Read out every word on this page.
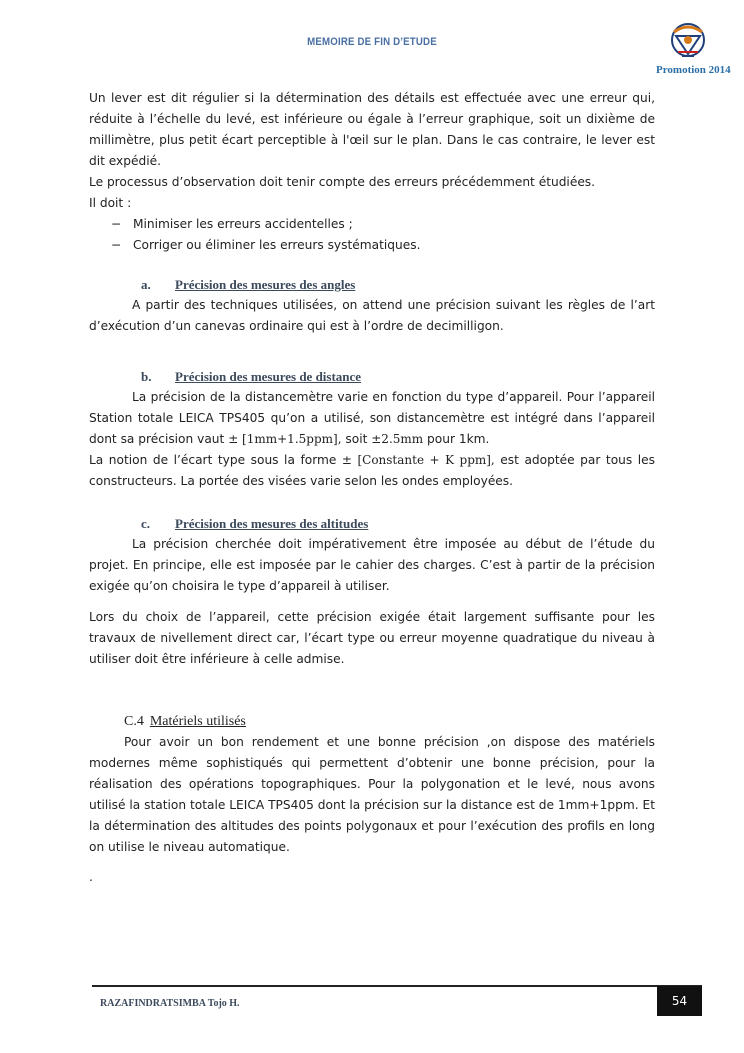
MEMOIRE DE FIN D’ETUDE
Promotion 2014

Un lever est dit régulier si la détermination des détails est effectuée avec une erreur qui, réduite à l’échelle du levé, est inférieure ou égale à l’erreur graphique, soit un dixième de millimètre, plus petit écart perceptible à l'œil sur le plan. Dans le cas contraire, le lever est dit expédié.

Le processus d’observation doit tenir compte des erreurs précédemment étudiées.

Il doit :

− Minimiser les erreurs accidentelles ;

− Corriger ou éliminer les erreurs systématiques.

a. Précision des mesures des angles

A partir des techniques utilisées, on attend une précision suivant les règles de l’art d’exécution d’un canevas ordinaire qui est à l’ordre de decimilligon.

b. Précision des mesures de distance

La précision de la distancemètre varie en fonction du type d’appareil. Pour l’appareil Station totale LEICA TPS405 qu’on a utilisé, son distancemètre est intégré dans l’appareil dont sa précision vaut ± [1mm+1.5ppm], soit ±2.5mm pour 1km.

La notion de l’écart type sous la forme ± [Constante + K ppm], est adoptée par tous les constructeurs. La portée des visées varie selon les ondes employées.

c. Précision des mesures des altitudes

La précision cherchée doit impérativement être imposée au début de l’étude du projet. En principe, elle est imposée par le cahier des charges. C’est à partir de la précision exigée qu’on choisira le type d’appareil à utiliser.

Lors du choix de l’appareil, cette précision exigée était largement suffisante pour les travaux de nivellement direct car, l’écart type ou erreur moyenne quadratique du niveau à utiliser doit être inférieure à celle admise.

C.4 Matériels utilisés

Pour avoir un bon rendement et une bonne précision ,on dispose des matériels modernes même sophistiqués qui permettent d’obtenir une bonne précision, pour la réalisation des opérations topographiques. Pour la polygonation et le levé, nous avons utilisé la station totale LEICA TPS405 dont la précision sur la distance est de 1mm+1ppm. Et la détermination des altitudes des points polygonaux et pour l’exécution des profils en long on utilise le niveau automatique.

.

RAZAFINDRATSIMBA Tojo H.	54
